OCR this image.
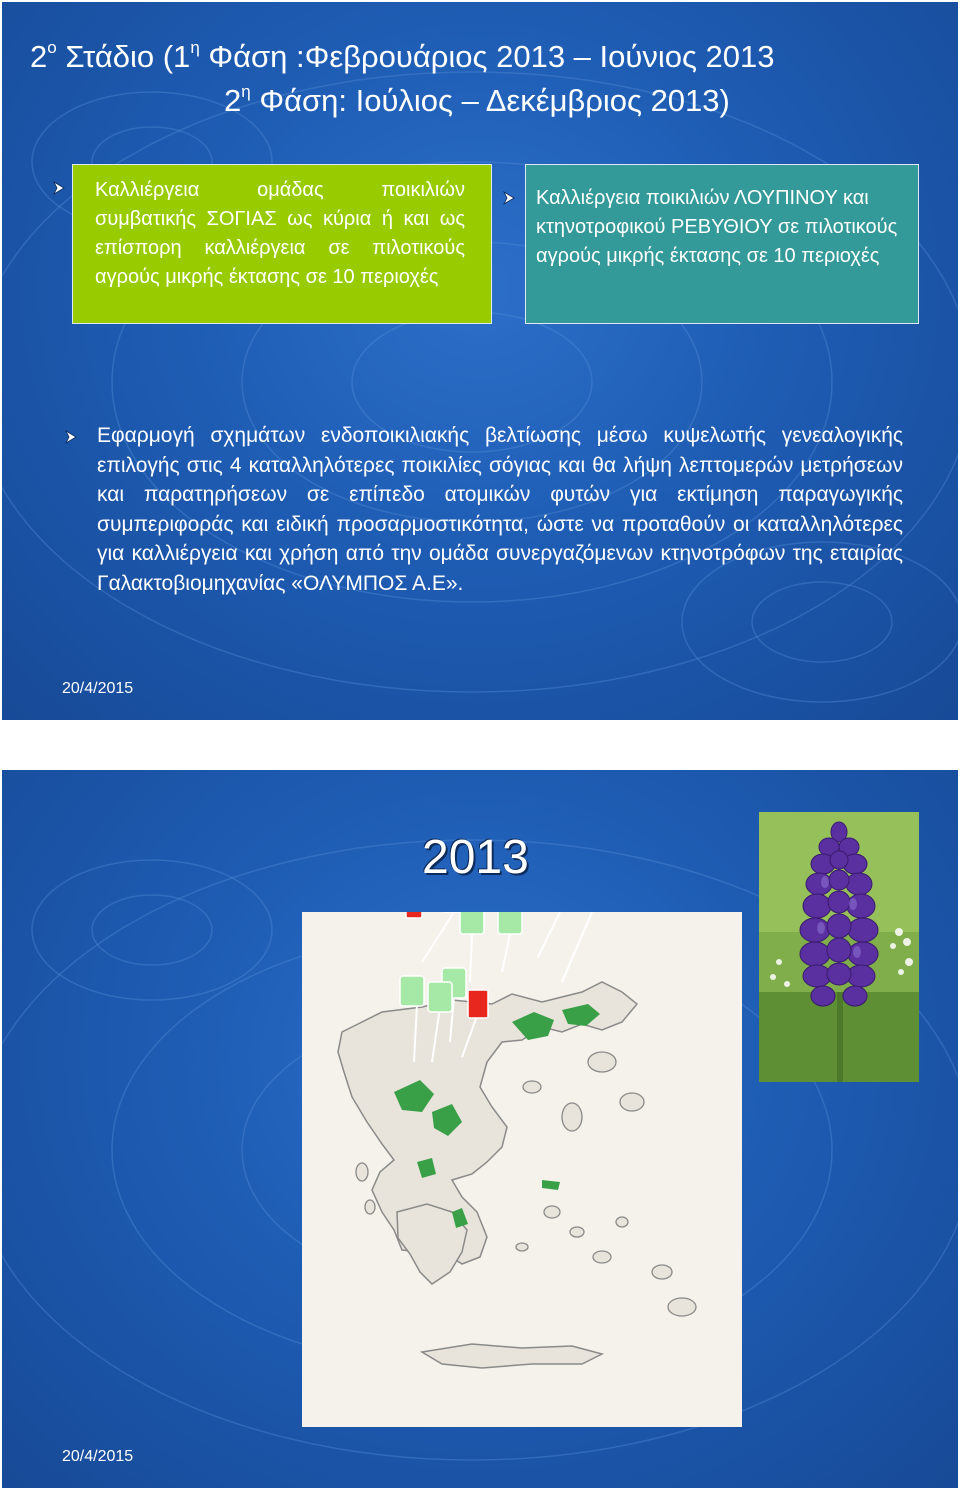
$2^o$ Στάδιο ($1^\eta$ Φάση :Φεβρουάριος 2013 – Ιούνιος 2013
$2^\eta$ Φάση: Ιούλιος – Δεκέμβριος 2013)
Καλλιέργεια ομάδας ποικιλιών συμβατικής ΣΟΓΙΑΣ ως κύρια ή και ως επίσπορη καλλιέργεια σε πιλοτικούς αγρούς μικρής έκτασης σε 10 περιοχές
Καλλιέργεια ποικιλιών ΛΟΥΠΙΝΟΥ και κτηνοτροφικού ΡΕΒΥΘΙΟΥ σε πιλοτικούς αγρούς μικρής έκτασης σε 10 περιοχές
Εφαρμογή σχημάτων ενδοποικιλιακής βελτίωσης μέσω κυψελωτής γενεαλογικής επιλογής στις 4 καταλληλότερες ποικιλίες σόγιας και θα λήψη λεπτομερών μετρήσεων και παρατηρήσεων σε επίπεδο ατομικών φυτών για εκτίμηση παραγωγικής συμπεριφοράς και ειδική προσαρμοστικότητα, ώστε να προταθούν οι καταλληλότερες για καλλιέργεια και χρήση από την ομάδα συνεργαζόμενων κτηνοτρόφων της εταιρίας Γαλακτοβιομηχανίας «ΟΛΥΜΠΟΣ Α.Ε».
20/4/2015
2013
20/4/2015
